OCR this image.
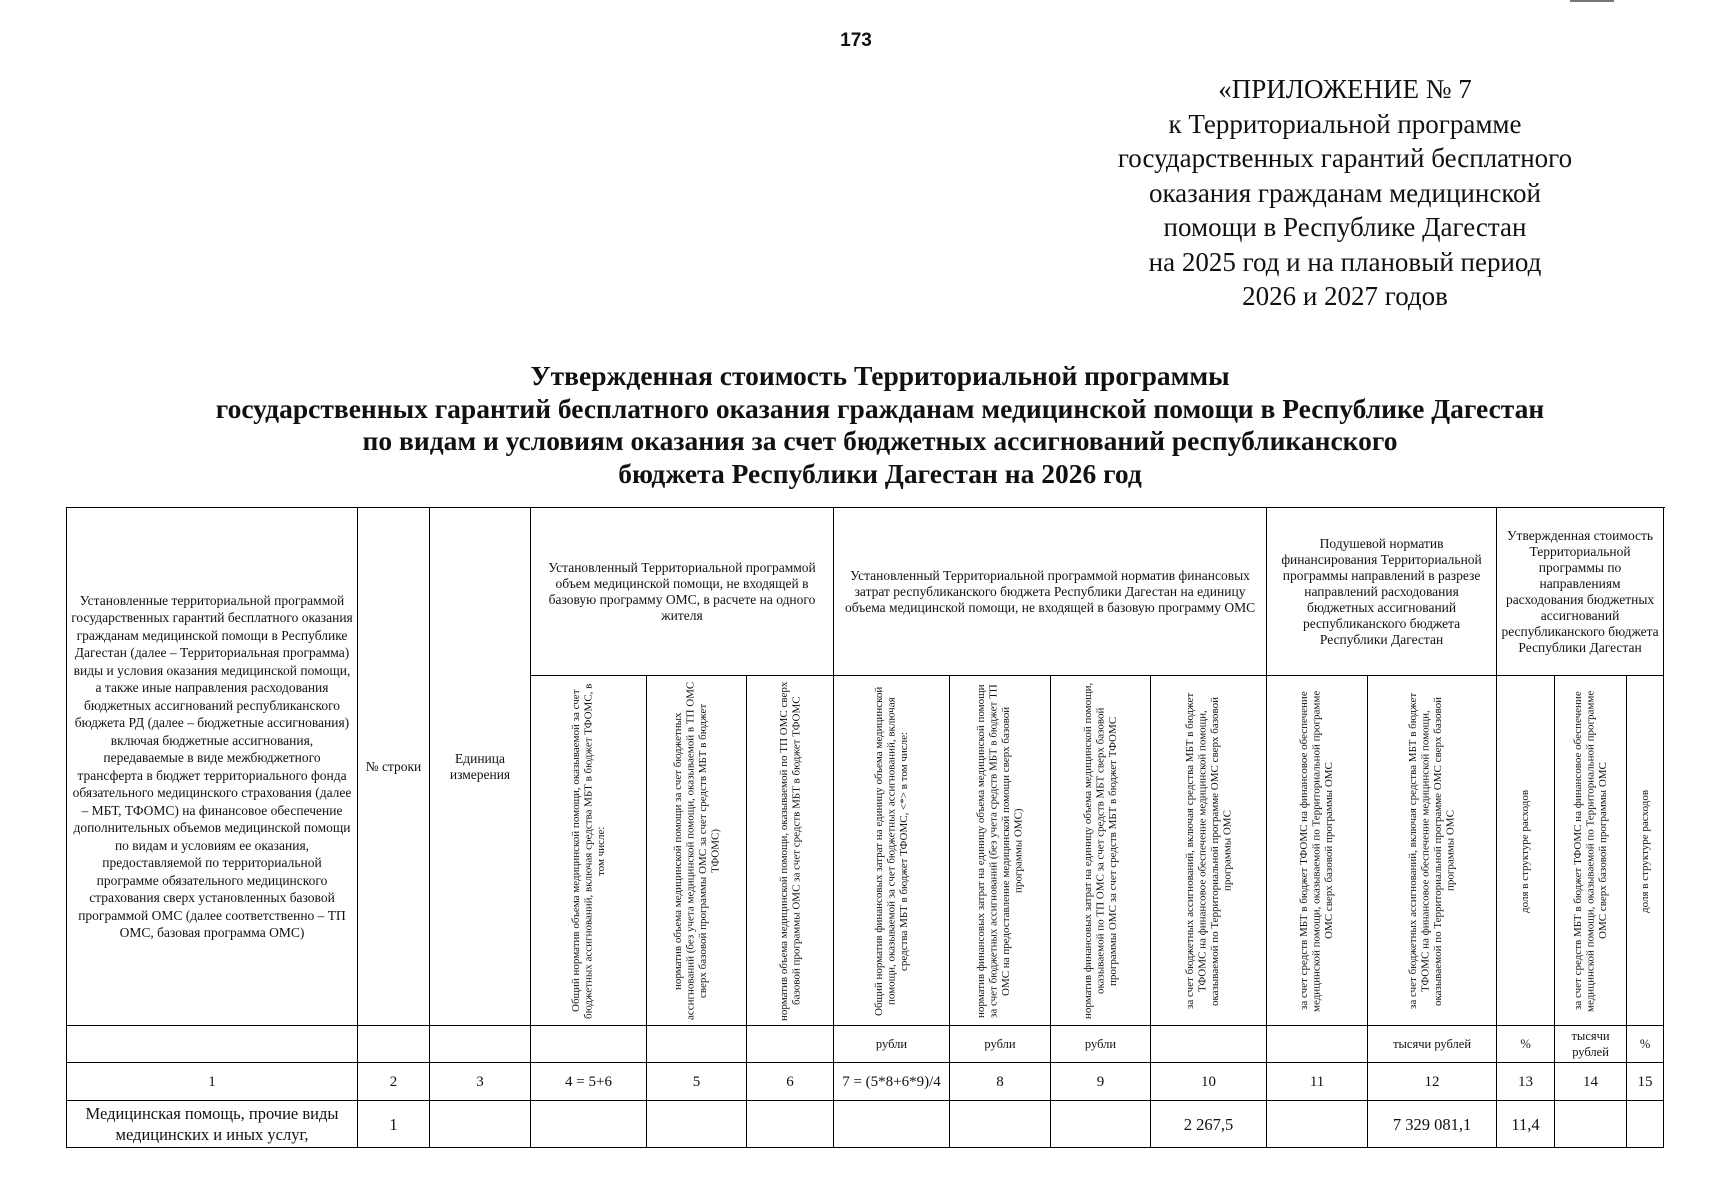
173
«ПРИЛОЖЕНИЕ № 7
к Территориальной программе
государственных гарантий бесплатного
оказания гражданам медицинской
помощи в Республике Дагестан
на 2025 год и на плановый период
2026 и 2027 годов
Утвержденная стоимость Территориальной программы
государственных гарантий бесплатного оказания гражданам медицинской помощи в Республике Дагестан
по видам и условиям оказания за счет бюджетных ассигнований республиканского
бюджета Республики Дагестан на 2026 год
Установленные территориальной программой государственных гарантий бесплатного оказания гражданам медицинской помощи в Республике Дагестан (далее – Территориальная программа) виды и условия оказания медицинской помощи, а также иные направления расходования бюджетных ассигнований республиканского бюджета РД (далее – бюджетные ассигнования) включая бюджетные ассигнования, передаваемые в виде межбюджетного трансферта в бюджет территориального фонда обязательного медицинского страхования (далее – МБТ, ТФОМС) на финансовое обеспечение дополнительных объемов медицинской помощи по видам и условиям ее оказания, предоставляемой по территориальной программе обязательного медицинского страхования сверх установленных базовой программой ОМС (далее соответственно – ТП ОМС, базовая программа ОМС)	№ строки	Единица измерения	Установленный Территориальной программой объем медицинской помощи, не входящей в базовую программу ОМС, в расчете на одного жителя			Установленный Территориальной программой норматив финансовых затрат республиканского бюджета Республики Дагестан на единицу объема медицинской помощи, не входящей в базовую программу ОМС				Подушевой норматив финансирования Территориальной программы направлений в разрезе направлений расходования бюджетных ассигнований республиканского бюджета Республики Дагестан		Утвержденная стоимость Территориальной программы по направлениям расходования бюджетных ассигнований республиканского бюджета Республики Дагестан		

			Общий норматив объема медицинской помощи, оказываемой за счет бюджетных ассигнований, включая средства МБТ в бюджет ТФОМС, в том числе:	норматив объема медицинской помощи за счет бюджетных ассигнований (без учета медицинской помощи, оказываемой в ТП ОМС сверх базовой программы ОМС за счет средств МБТ в бюджет ТФОМС)	норматив объема медицинской помощи, оказываемой по ТП ОМС сверх базовой программы ОМС за счет средств МБТ в бюджет ТФОМС	Общий норматив финансовых затрат на единицу объема медицинской помощи, оказываемой за счет бюджетных ассигнований, включая средства МБТ в бюджет ТФОМС, <*> в том числе:	норматив финансовых затрат на единицу объема медицинской помощи за счет бюджетных ассигнований (без учета средств МБТ в бюджет ТП ОМС на предоставление медицинской помощи сверх базовой программы ОМС)	норматив финансовых затрат на единицу объема медицинской помощи, оказываемой по ТП ОМС за счет средств МБТ сверх базовой программы ОМС за счет средств МБТ в бюджет ТФОМС	за счет бюджетных ассигнований, включая средства МБТ в бюджет ТФОМС на финансовое обеспечение медицинской помощи, оказываемой по Территориальной программе ОМС сверх базовой программы ОМС	за счет средств МБТ в бюджет ТФОМС на финансовое обеспечение медицинской помощи, оказываемой по Территориальной программе ОМС сверх базовой программы ОМС	за счет бюджетных ассигнований, включая средства МБТ в бюджет ТФОМС на финансовое обеспечение медицинской помощи, оказываемой по Территориальной программе ОМС сверх базовой программы ОМС	доля в структуре расходов	за счет средств МБТ в бюджет ТФОМС на финансовое обеспечение медицинской помощи, оказываемой по Территориальной программе ОМС сверх базовой программы ОМС	доля в структуре расходов

						рубли	рубли	рубли			тысячи рублей	%	тысячи рублей	%
1	2	3	4 = 5+6	5	6	7 = (5*8+6*9)/4	8	9	10	11	12	13	14	15
Медицинская помощь, прочие виды медицинских и иных услуг,	1								2 267,5		7 329 081,1	11,4		
